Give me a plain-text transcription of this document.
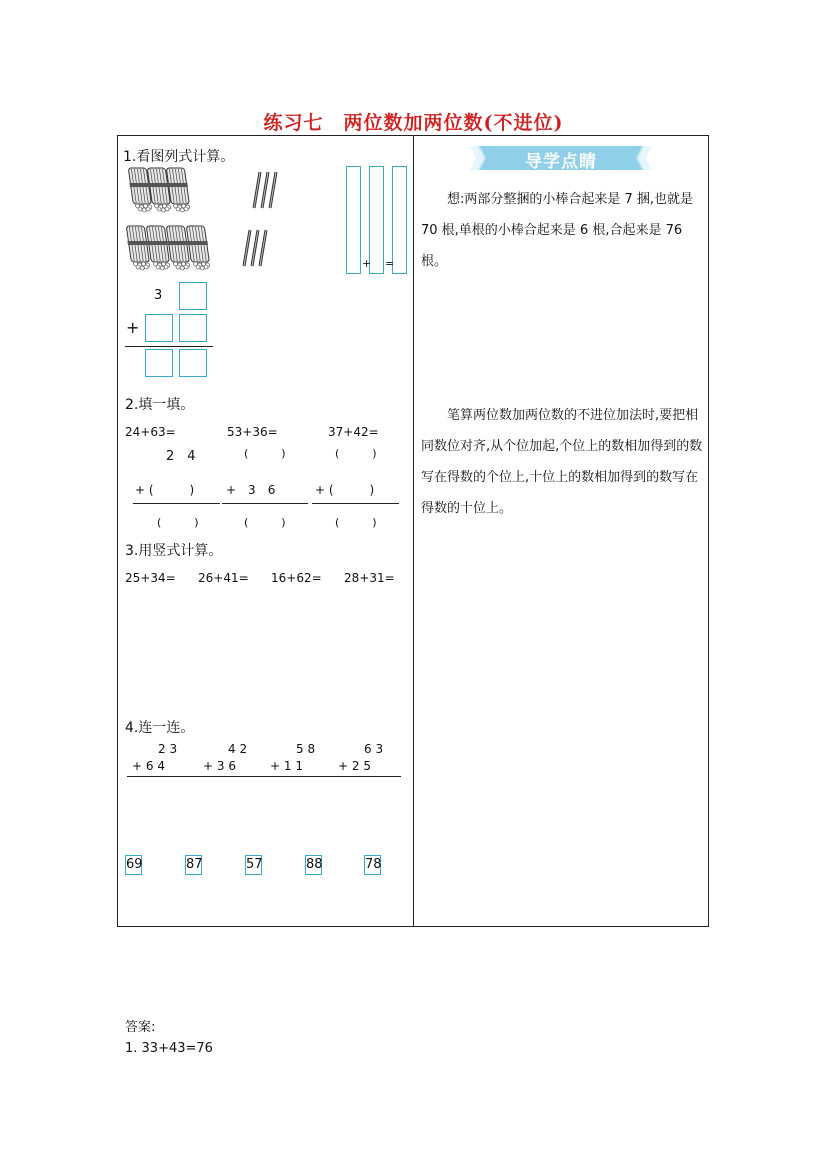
练习七　两位数加两位数(不进位)
1.看图列式计算。
+ =
3
+
2.填一填。
24+63=	53+36=	37+42=
2　4	(　　　)	(　　　)
+ (　　　)	+　3　6	+ (　　　)
(　　　)	(　　　)	(　　　)
3.用竖式计算。
25+34= 26+41= 16+62= 28+31=
4.连一连。
2 3	4 2	5 8	6 3
+ 6 4	+ 3 6	+ 1 1	+ 2 5
69	87	57	88	78
导学点睛
想:两部分整捆的小棒合起来是 7 捆,也就是 70 根,单根的小棒合起来是 6 根,合起来是 76 根。
笔算两位数加两位数的不进位加法时,要把相同数位对齐,从个位加起,个位上的数相加得到的数写在得数的个位上,十位上的数相加得到的数写在得数的十位上。
答案:
1. 33+43=76
